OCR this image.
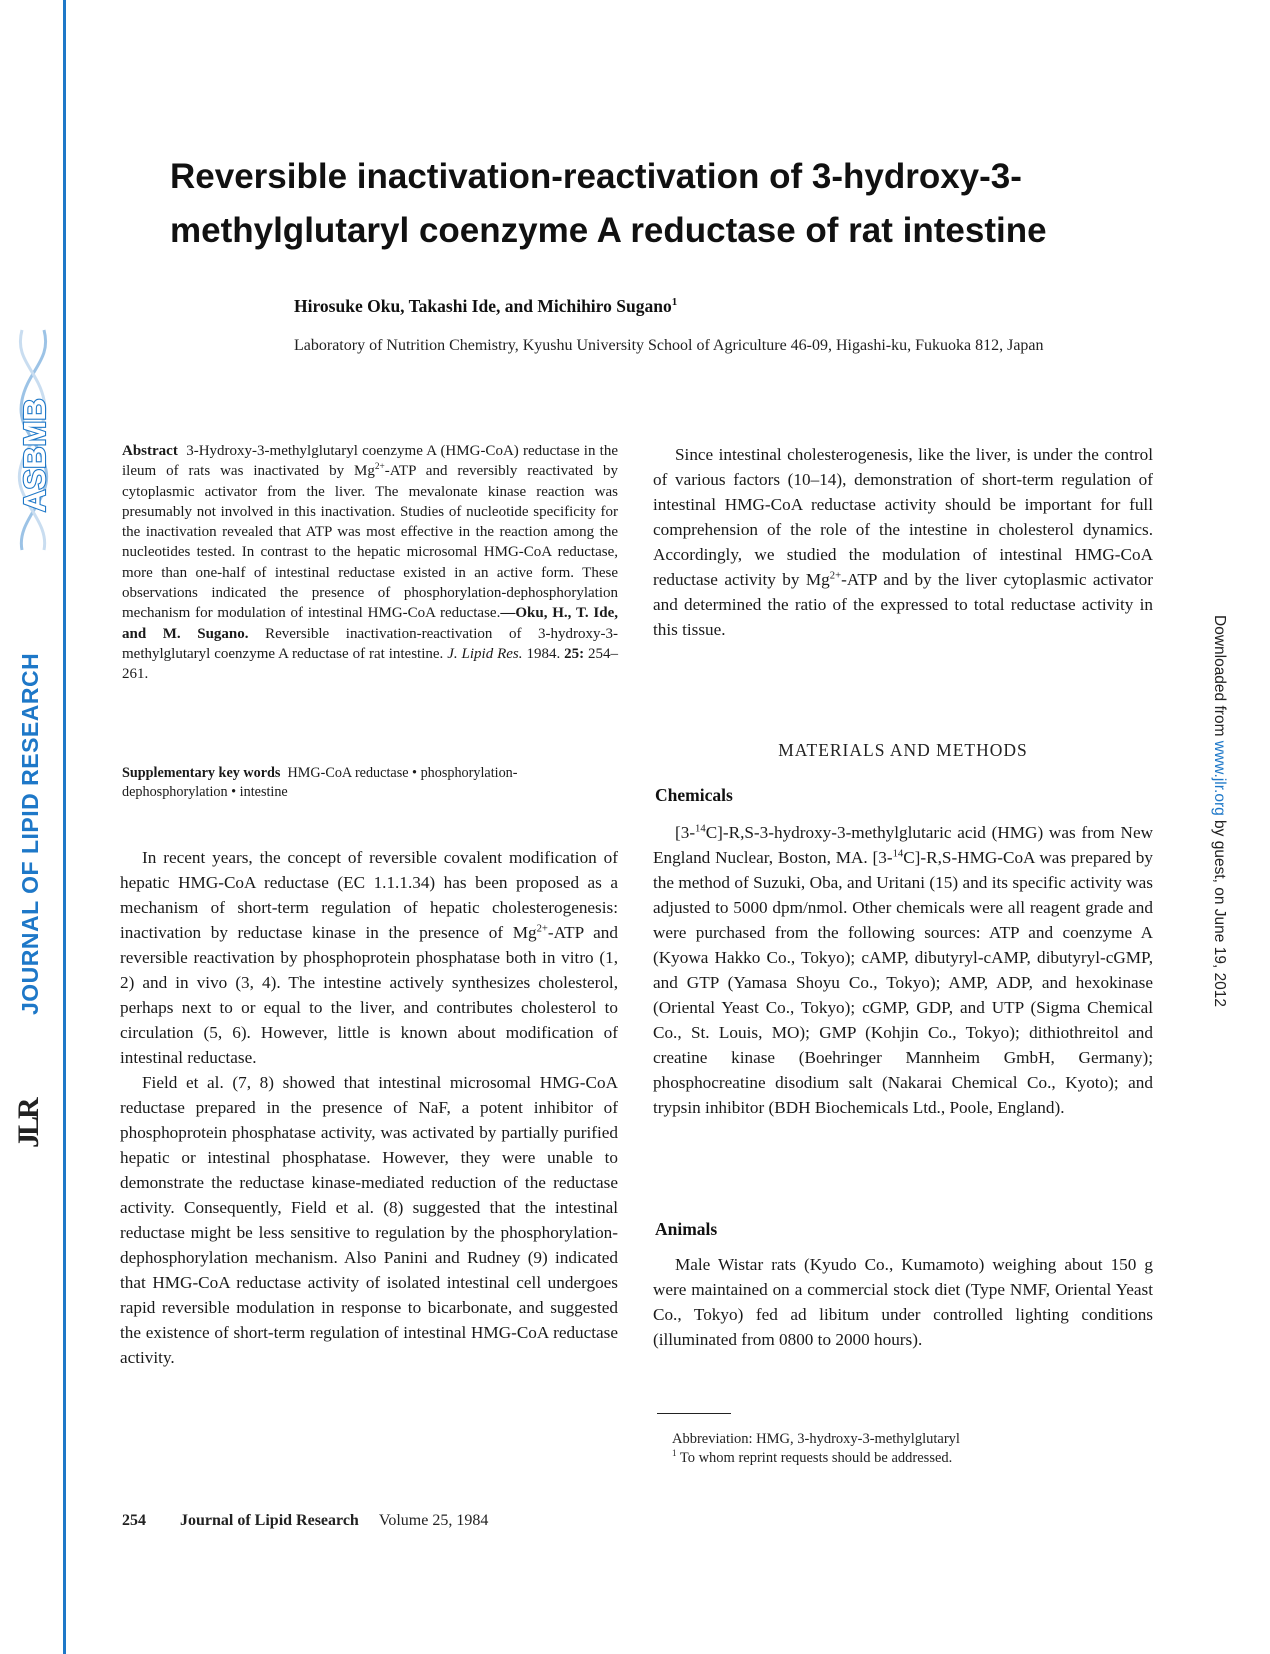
ASBMB
JOURNAL OF LIPID RESEARCH
JLR
Downloaded from www.jlr.org by guest, on June 19, 2012
Reversible inactivation-reactivation of 3-hydroxy-3-methylglutaryl coenzyme A reductase of rat intestine
Hirosuke Oku, Takashi Ide, and Michihiro Sugano$^1$
Laboratory of Nutrition Chemistry, Kyushu University School of Agriculture 46-09, Higashi-ku, Fukuoka 812, Japan
Abstract 3-Hydroxy-3-methylglutaryl coenzyme A (HMG-CoA) reductase in the ileum of rats was inactivated by $Mg^{2+}$-ATP and reversibly reactivated by cytoplasmic activator from the liver. The mevalonate kinase reaction was presumably not involved in this inactivation. Studies of nucleotide specificity for the inactivation revealed that ATP was most effective in the reaction among the nucleotides tested. In contrast to the hepatic microsomal HMG-CoA reductase, more than one-half of intestinal reductase existed in an active form. These observations indicated the presence of phosphorylation-dephosphorylation mechanism for modulation of intestinal HMG-CoA reductase.—Oku, H., T. Ide, and M. Sugano. Reversible inactivation-reactivation of 3-hydroxy-3-methylglutaryl coenzyme A reductase of rat intestine. J. Lipid Res. 1984. 25: 254–261.
Supplementary key words HMG-CoA reductase • phosphorylation-dephosphorylation • intestine

In recent years, the concept of reversible covalent modification of hepatic HMG-CoA reductase (EC 1.1.1.34) has been proposed as a mechanism of short-term regulation of hepatic cholesterogenesis: inactivation by reductase kinase in the presence of $Mg^{2+}$-ATP and reversible reactivation by phosphoprotein phosphatase both in vitro (1, 2) and in vivo (3, 4). The intestine actively synthesizes cholesterol, perhaps next to or equal to the liver, and contributes cholesterol to circulation (5, 6). However, little is known about modification of intestinal reductase.

Field et al. (7, 8) showed that intestinal microsomal HMG-CoA reductase prepared in the presence of NaF, a potent inhibitor of phosphoprotein phosphatase activity, was activated by partially purified hepatic or intestinal phosphatase. However, they were unable to demonstrate the reductase kinase-mediated reduction of the reductase activity. Consequently, Field et al. (8) suggested that the intestinal reductase might be less sensitive to regulation by the phosphorylation-dephosphorylation mechanism. Also Panini and Rudney (9) indicated that HMG-CoA reductase activity of isolated intestinal cell undergoes rapid reversible modulation in response to bicarbonate, and suggested the existence of short-term regulation of intestinal HMG-CoA reductase activity.

Since intestinal cholesterogenesis, like the liver, is under the control of various factors (10–14), demonstration of short-term regulation of intestinal HMG-CoA reductase activity should be important for full comprehension of the role of the intestine in cholesterol dynamics. Accordingly, we studied the modulation of intestinal HMG-CoA reductase activity by $Mg^{2+}$-ATP and by the liver cytoplasmic activator and determined the ratio of the expressed to total reductase activity in this tissue.

MATERIALS AND METHODS
Chemicals

[3-$^{14}$C]-R,S-3-hydroxy-3-methylglutaric acid (HMG) was from New England Nuclear, Boston, MA. [3-$^{14}$C]-R,S-HMG-CoA was prepared by the method of Suzuki, Oba, and Uritani (15) and its specific activity was adjusted to 5000 dpm/nmol. Other chemicals were all reagent grade and were purchased from the following sources: ATP and coenzyme A (Kyowa Hakko Co., Tokyo); cAMP, dibutyryl-cAMP, dibutyryl-cGMP, and GTP (Yamasa Shoyu Co., Tokyo); AMP, ADP, and hexokinase (Oriental Yeast Co., Tokyo); cGMP, GDP, and UTP (Sigma Chemical Co., St. Louis, MO); GMP (Kohjin Co., Tokyo); dithiothreitol and creatine kinase (Boehringer Mannheim GmbH, Germany); phosphocreatine disodium salt (Nakarai Chemical Co., Kyoto); and trypsin inhibitor (BDH Biochemicals Ltd., Poole, England).

Animals

Male Wistar rats (Kyudo Co., Kumamoto) weighing about 150 g were maintained on a commercial stock diet (Type NMF, Oriental Yeast Co., Tokyo) fed ad libitum under controlled lighting conditions (illuminated from 0800 to 2000 hours).

Abbreviation: HMG, 3-hydroxy-3-methylglutaryl
$^1$ To whom reprint requests should be addressed.
254 Journal of Lipid Research Volume 25, 1984
